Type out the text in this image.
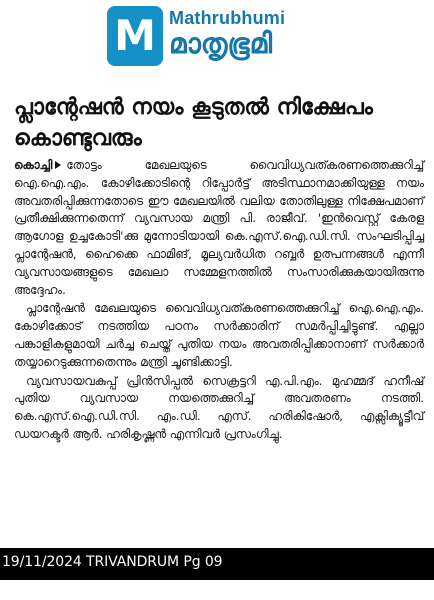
M Mathrubhumi
മാതൃഭൂമി
പ്ലാന്റേഷൻ നയം കൂടുതൽ നിക്ഷേപം കൊണ്ടുവരും

കൊച്ചി തോട്ടം മേഖലയുടെ വൈവിധ്യവത്കരണത്തെക്കുറിച്ച് ഐ.ഐ.എം. കോഴിക്കോടിന്റെ റിപ്പോർട്ട് അടിസ്ഥാനമാക്കിയുള്ള നയം അവതരിപ്പിക്കുന്നതോടെ ഈ മേഖലയിൽ വലിയ തോതിലുള്ള നിക്ഷേപമാണ് പ്രതീക്ഷിക്കുന്നതെന്ന് വ്യവസായ മന്ത്രി പി. രാജീവ്. 'ഇൻവെസ്റ്റ് കേരള ആഗോള ഉച്ചകോടി'ക്കു മുന്നോടിയായി കെ.എസ്.ഐ.ഡി.സി. സംഘടിപ്പിച്ച പ്ലാന്റേഷൻ, ഹൈക്കെ ഫാമിങ്, മൂല്യവർധിത റബ്ബർ ഉത്പന്നങ്ങൾ എന്നീ വ്യവസായങ്ങളുടെ മേഖലാ സമ്മേളനത്തിൽ സംസാരിക്കുകയായിരുന്നു അദ്ദേഹം.

പ്ലാന്റേഷൻ മേഖലയുടെ വൈവിധ്യവത്കരണത്തെക്കുറിച്ച് ഐ.ഐ.എം. കോഴിക്കോട് നടത്തിയ പഠനം സർക്കാരിന് സമർപ്പിച്ചിട്ടുണ്ട്. എല്ലാ പങ്കാളികളുമായി ചർച്ച ചെയ്ത് പുതിയ നയം അവതരിപ്പിക്കാനാണ് സർക്കാർ തയ്യാറെടുക്കുന്നതെന്നും മന്ത്രി ചൂണ്ടിക്കാട്ടി.

വ്യവസായവകുപ്പ് പ്രിൻസിപ്പൽ സെക്രട്ടറി എ.പി.എം. മുഹമ്മദ് ഹനീഷ് പുതിയ വ്യവസായ നയത്തെക്കുറിച്ച് അവതരണം നടത്തി. കെ.എസ്.ഐ.ഡി.സി. എം.ഡി. എസ്. ഹരികിഷോർ, എക്സിക്യൂട്ടീവ് ഡയറക്ടർ ആർ. ഹരികൃഷ്ണൻ എന്നിവർ പ്രസംഗിച്ചു.

19/11/2024 TRIVANDRUM Pg 09
